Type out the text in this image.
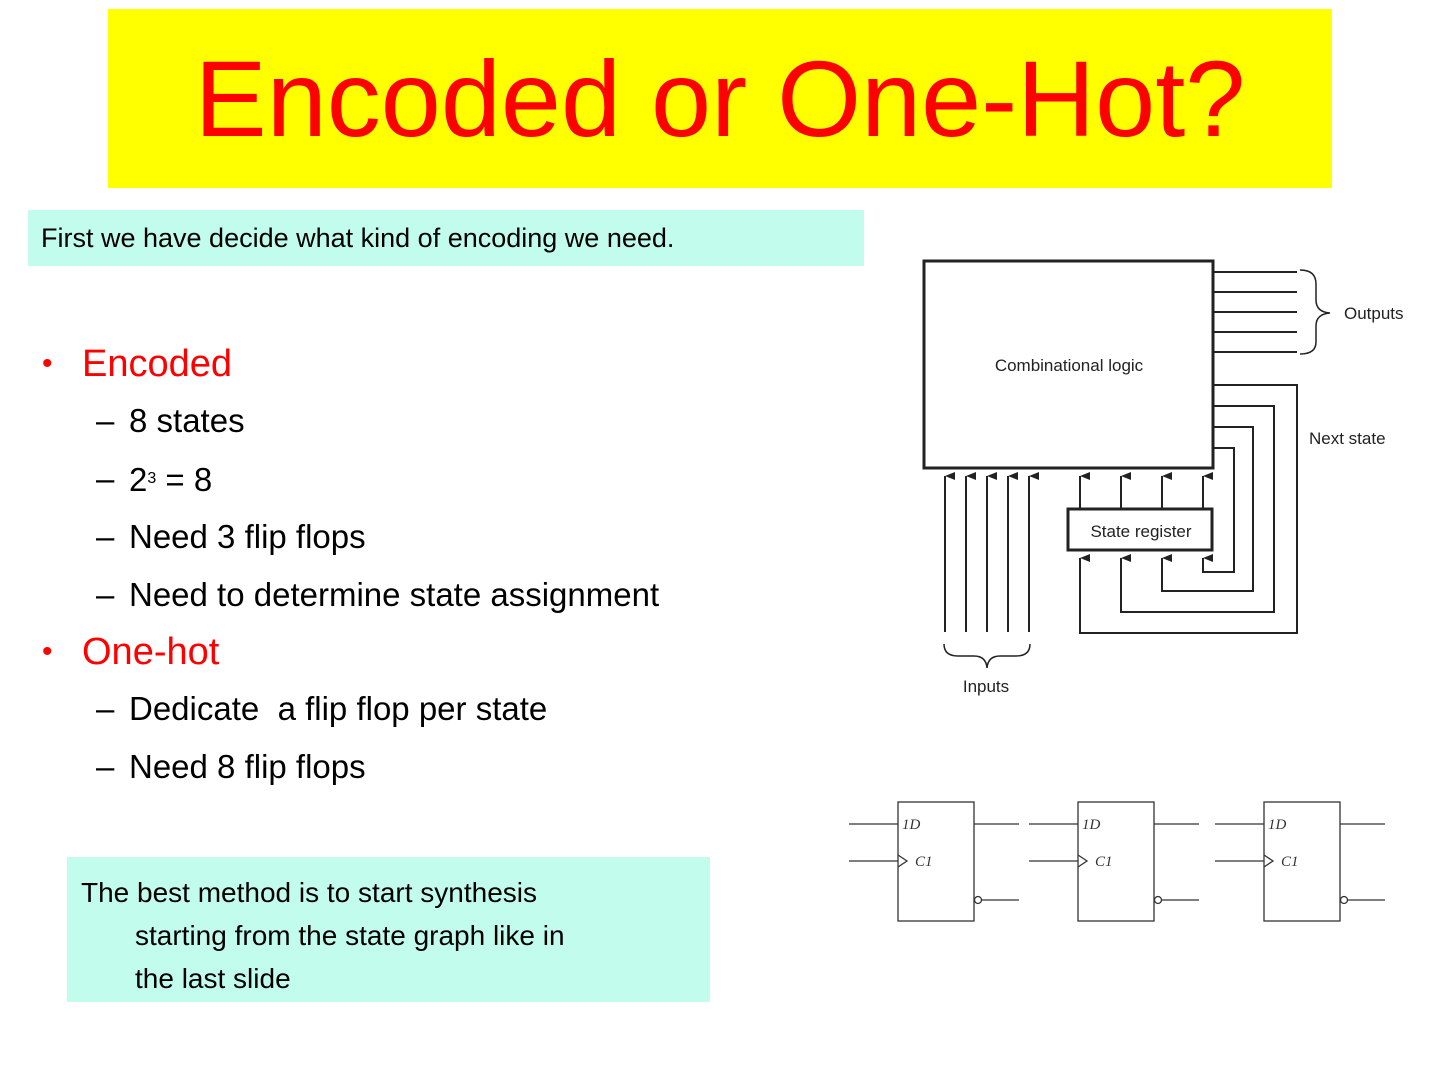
Encoded or One-Hot?
First we have decide what kind of encoding we need.
• Encoded
– 8 states
– $2^3 = 8$
– Need 3 flip flops
– Need to determine state assignment
• One-hot
– Dedicate  a flip flop per state
– Need 8 flip flops
The best method is to start synthesis
starting from the state graph like in
the last slide
Combinational logic
Outputs
Next state
State register
Inputs
1D
C1
1D
C1
1D
C1
